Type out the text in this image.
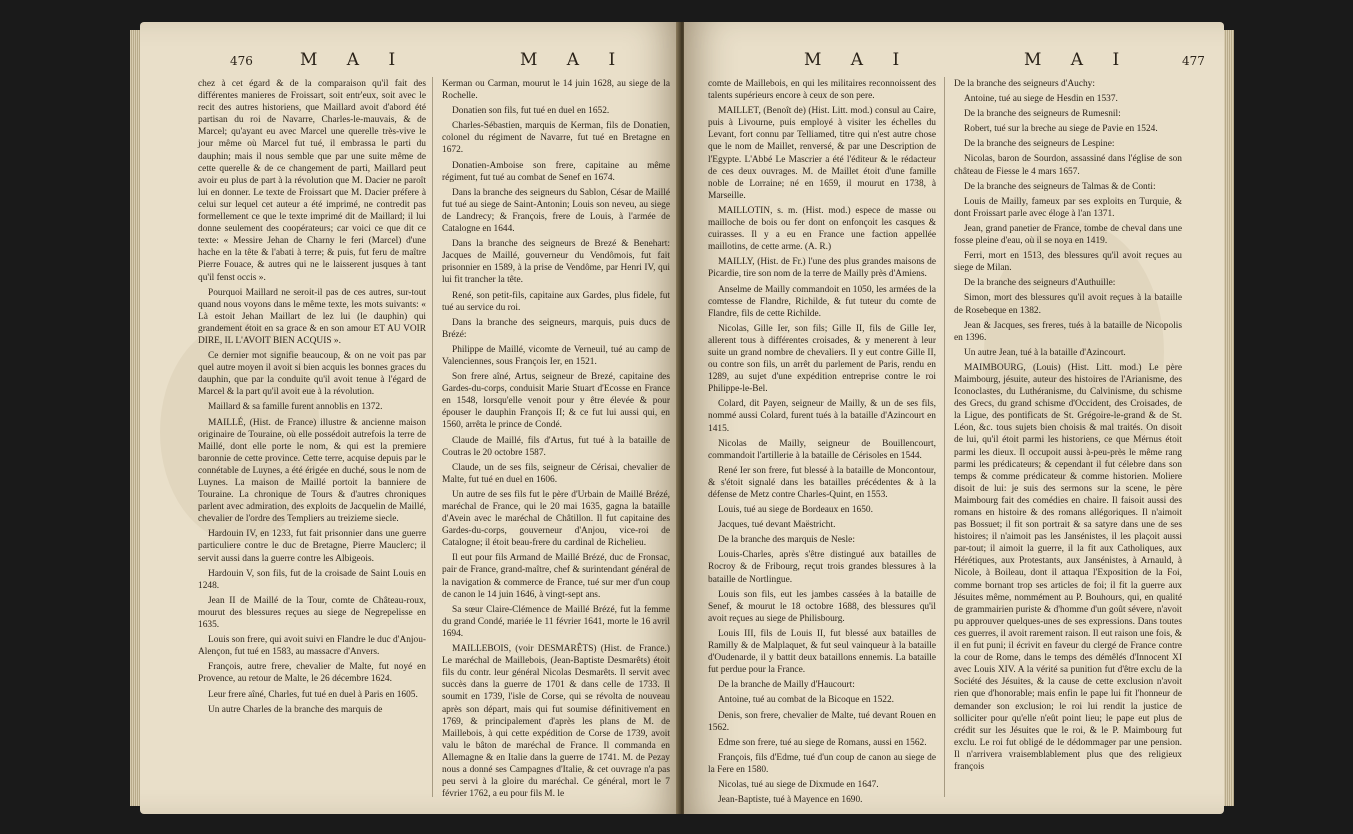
476	M A I	M A I

chez à cet égard & de la comparaison qu'il fait des différentes manieres de Froissart, soit entr'eux, soit avec le recit des autres historiens, que Maillard avoit d'abord été partisan du roi de Navarre, Charles-le-mauvais, & de Marcel; qu'ayant eu avec Marcel une querelle très-vive le jour même où Marcel fut tué, il embrassa le parti du dauphin; mais il nous semble que par une suite même de cette querelle & de ce changement de parti, Maillard peut avoir eu plus de part à la révolution que M. Dacier ne paroît lui en donner. Le texte de Froissart que M. Dacier préfere à celui sur lequel cet auteur a été imprimé, ne contredit pas formellement ce que le texte imprimé dit de Maillard; il lui donne seulement des coopérateurs; car voici ce que dit ce texte: « Messire Jehan de Charny le feri (Marcel) d'une hache en la tête & l'abati à terre; & puis, fut feru de maître Pierre Fouace, & autres qui ne le laisserent jusques à tant qu'il fenst occis ».

Pourquoi Maillard ne seroit-il pas de ces autres, sur-tout quand nous voyons dans le même texte, les mots suivants: « Là estoit Jehan Maillart de lez lui (le dauphin) qui grandement étoit en sa grace & en son amour ET AU VOIR DIRE, IL L'AVOIT BIEN ACQUIS ».

Ce dernier mot signifie beaucoup, & on ne voit pas par quel autre moyen il avoit si bien acquis les bonnes graces du dauphin, que par la conduite qu'il avoit tenue à l'égard de Marcel & la part qu'il avoit eue à la révolution.

Maillard & sa famille furent annoblis en 1372.

MAILLÉ, (Hist. de France) illustre & ancienne maison originaire de Touraine, où elle possédoit autrefois la terre de Maillé, dont elle porte le nom, & qui est la premiere baronnie de cette province. Cette terre, acquise depuis par le connétable de Luynes, a été érigée en duché, sous le nom de Luynes. La maison de Maillé portoit la banniere de Touraine. La chronique de Tours & d'autres chroniques parlent avec admiration, des exploits de Jacquelin de Maillé, chevalier de l'ordre des Templiers au treizieme siecle.

Hardouin IV, en 1233, fut fait prisonnier dans une guerre particuliere contre le duc de Bretagne, Pierre Mauclerc; il servit aussi dans la guerre contre les Albigeois.

Hardouin V, son fils, fut de la croisade de Saint Louis en 1248.

Jean II de Maillé de la Tour, comte de Château-roux, mourut des blessures reçues au siege de Negrepelisse en 1635.

Louis son frere, qui avoit suivi en Flandre le duc d'Anjou-Alençon, fut tué en 1583, au massacre d'Anvers.

François, autre frere, chevalier de Malte, fut noyé en Provence, au retour de Malte, le 26 décembre 1624.

Leur frere aîné, Charles, fut tué en duel à Paris en 1605.

Un autre Charles de la branche des marquis de

Kerman ou Carman, mourut le 14 juin 1628, au siege de la Rochelle.

Donatien son fils, fut tué en duel en 1652.

Charles-Sébastien, marquis de Kerman, fils de Donatien, colonel du régiment de Navarre, fut tué en Bretagne en 1672.

Donatien-Amboise son frere, capitaine au même régiment, fut tué au combat de Senef en 1674.

Dans la branche des seigneurs du Sablon, César de Maillé fut tué au siege de Saint-Antonin; Louis son neveu, au siege de Landrecy; & François, frere de Louis, à l'armée de Catalogne en 1644.

Dans la branche des seigneurs de Brezé & Benehart: Jacques de Maillé, gouverneur du Vendômois, fut fait prisonnier en 1589, à la prise de Vendôme, par Henri IV, qui lui fit trancher la tête.

René, son petit-fils, capitaine aux Gardes, plus fidele, fut tué au service du roi.

Dans la branche des seigneurs, marquis, puis ducs de Brézé:

Philippe de Maillé, vicomte de Verneuil, tué au camp de Valenciennes, sous François Ier, en 1521.

Son frere aîné, Artus, seigneur de Brezé, capitaine des Gardes-du-corps, conduisit Marie Stuart d'Ecosse en France en 1548, lorsqu'elle venoit pour y être élevée & pour épouser le dauphin François II; & ce fut lui aussi qui, en 1560, arrêta le prince de Condé.

Claude de Maillé, fils d'Artus, fut tué à la bataille de Coutras le 20 octobre 1587.

Claude, un de ses fils, seigneur de Cérisai, chevalier de Malte, fut tué en duel en 1606.

Un autre de ses fils fut le père d'Urbain de Maillé Brézé, maréchal de France, qui le 20 mai 1635, gagna la bataille d'Avein avec le maréchal de Châtillon. Il fut capitaine des Gardes-du-corps, gouverneur d'Anjou, vice-roi de Catalogne; il étoit beau-frere du cardinal de Richelieu.

Il eut pour fils Armand de Maillé Brézé, duc de Fronsac, pair de France, grand-maître, chef & surintendant général de la navigation & commerce de France, tué sur mer d'un coup de canon le 14 juin 1646, à vingt-sept ans.

Sa sœur Claire-Clémence de Maillé Brézé, fut la femme du grand Condé, mariée le 11 février 1641, morte le 16 avril 1694.

MAILLEBOIS, (voir DESMARÊTS) (Hist. de France.) Le maréchal de Maillebois, (Jean-Baptiste Desmarêts) étoit fils du contr. leur général Nicolas Desmarêts. Il servit avec succès dans la guerre de 1701 & dans celle de 1733. Il soumit en 1739, l'isle de Corse, qui se révolta de nouveau après son départ, mais qui fut soumise définitivement en 1769, & principalement d'après les plans de M. de Maillebois, à qui cette expédition de Corse de 1739, avoit valu le bâton de maréchal de France. Il commanda en Allemagne & en Italie dans la guerre de 1741. M. de Pezay nous a donné ses Campagnes d'Italie, & cet ouvrage n'a pas peu servi à la gloire du maréchal. Ce général, mort le 7 février 1762, a eu pour fils M. le

M A I	M A I	477

comte de Maillebois, en qui les militaires reconnoissent des talents supérieurs encore à ceux de son pere.

MAILLET, (Benoît de) (Hist. Litt. mod.) consul au Caire, puis à Livourne, puis employé à visiter les échelles du Levant, fort connu par Telliamed, titre qui n'est autre chose que le nom de Maillet, renversé, & par une Description de l'Egypte. L'Abbé Le Mascrier a été l'éditeur & le rédacteur de ces deux ouvrages. M. de Maillet étoit d'une famille noble de Lorraine; né en 1659, il mourut en 1738, à Marseille.

MAILLOTIN, s. m. (Hist. mod.) espece de masse ou mailloche de bois ou fer dont on enfonçoit les casques & cuirasses. Il y a eu en France une faction appellée maillotins, de cette arme. (A. R.)

MAILLY, (Hist. de Fr.) l'une des plus grandes maisons de Picardie, tire son nom de la terre de Mailly près d'Amiens.

Anselme de Mailly commandoit en 1050, les armées de la comtesse de Flandre, Richilde, & fut tuteur du comte de Flandre, fils de cette Richilde.

Nicolas, Gille Ier, son fils; Gille II, fils de Gille Ier, allerent tous à différentes croisades, & y menerent à leur suite un grand nombre de chevaliers. Il y eut contre Gille II, ou contre son fils, un arrêt du parlement de Paris, rendu en 1289, au sujet d'une expédition entreprise contre le roi Philippe-le-Bel.

Colard, dit Payen, seigneur de Mailly, & un de ses fils, nommé aussi Colard, furent tués à la bataille d'Azincourt en 1415.

Nicolas de Mailly, seigneur de Bouillencourt, commandoit l'artillerie à la bataille de Cérisoles en 1544.

René Ier son frere, fut blessé à la bataille de Moncontour, & s'étoit signalé dans les batailles précédentes & à la défense de Metz contre Charles-Quint, en 1553.

Louis, tué au siege de Bordeaux en 1650.

Jacques, tué devant Maëstricht.

De la branche des marquis de Nesle:

Louis-Charles, après s'être distingué aux batailles de Rocroy & de Fribourg, reçut trois grandes blessures à la bataille de Nortlingue.

Louis son fils, eut les jambes cassées à la bataille de Senef, & mourut le 18 octobre 1688, des blessures qu'il avoit reçues au siege de Philisbourg.

Louis III, fils de Louis II, fut blessé aux batailles de Ramilly & de Malplaquet, & fut seul vainqueur à la bataille d'Oudenarde, il y battit deux bataillons ennemis. La bataille fut perdue pour la France.

De la branche de Mailly d'Haucourt:

Antoine, tué au combat de la Bicoque en 1522.

Denis, son frere, chevalier de Malte, tué devant Rouen en 1562.

Edme son frere, tué au siege de Romans, aussi en 1562.

François, fils d'Edme, tué d'un coup de canon au siege de la Fere en 1580.

Nicolas, tué au siege de Dixmude en 1647.

Jean-Baptiste, tué à Mayence en 1690.

De la branche des seigneurs d'Auchy:

Antoine, tué au siege de Hesdin en 1537.

De la branche des seigneurs de Rumesnil:

Robert, tué sur la breche au siege de Pavie en 1524.

De la branche des seigneurs de Lespine:

Nicolas, baron de Sourdon, assassiné dans l'église de son château de Fiesse le 4 mars 1657.

De la branche des seigneurs de Talmas & de Conti:

Louis de Mailly, fameux par ses exploits en Turquie, & dont Froissart parle avec éloge à l'an 1371.

Jean, grand panetier de France, tombe de cheval dans une fosse pleine d'eau, où il se noya en 1419.

Ferri, mort en 1513, des blessures qu'il avoit reçues au siege de Milan.

De la branche des seigneurs d'Authuille:

Simon, mort des blessures qu'il avoit reçues à la bataille de Rosebeque en 1382.

Jean & Jacques, ses freres, tués à la bataille de Nicopolis en 1396.

Un autre Jean, tué à la bataille d'Azincourt.

MAIMBOURG, (Louis) (Hist. Litt. mod.) Le père Maimbourg, jésuite, auteur des histoires de l'Arianisme, des Iconoclastes, du Luthéranisme, du Calvinisme, du schisme des Grecs, du grand schisme d'Occident, des Croisades, de la Ligue, des pontificats de St. Grégoire-le-grand & de St. Léon, &c. tous sujets bien choisis & mal traités. On disoit de lui, qu'il étoit parmi les historiens, ce que Mérnus étoit parmi les dieux. Il occupoit aussi à-peu-près le même rang parmi les prédicateurs; & cependant il fut célebre dans son temps & comme prédicateur & comme historien. Moliere disoit de lui: je suis des sermons sur la scene, le père Maimbourg fait des comédies en chaire. Il faisoit aussi des romans en histoire & des romans allégoriques. Il n'aimoit pas Bossuet; il fit son portrait & sa satyre dans une de ses histoires; il n'aimoit pas les Jansénistes, il les plaçoit aussi par-tout; il aimoit la guerre, il la fit aux Catholiques, aux Hérétiques, aux Protestants, aux Jansénistes, à Arnauld, à Nicole, à Boileau, dont il attaqua l'Exposition de la Foi, comme bornant trop ses articles de foi; il fit la guerre aux Jésuites même, nommément au P. Bouhours, qui, en qualité de grammairien puriste & d'homme d'un goût sévere, n'avoit pu approuver quelques-unes de ses expressions. Dans toutes ces guerres, il avoit rarement raison. Il eut raison une fois, & il en fut puni; il écrivit en faveur du clergé de France contre la cour de Rome, dans le temps des démêlés d'Innocent XI avec Louis XIV. A la vérité sa punition fut d'être exclu de la Société des Jésuites, & la cause de cette exclusion n'avoit rien que d'honorable; mais enfin le pape lui fit l'honneur de demander son exclusion; le roi lui rendit la justice de solliciter pour qu'elle n'eût point lieu; le pape eut plus de crédit sur les Jésuites que le roi, & le P. Maimbourg fut exclu. Le roi fut obligé de le dédommager par une pension. Il n'arrivera vraisemblablement plus que des religieux françois
